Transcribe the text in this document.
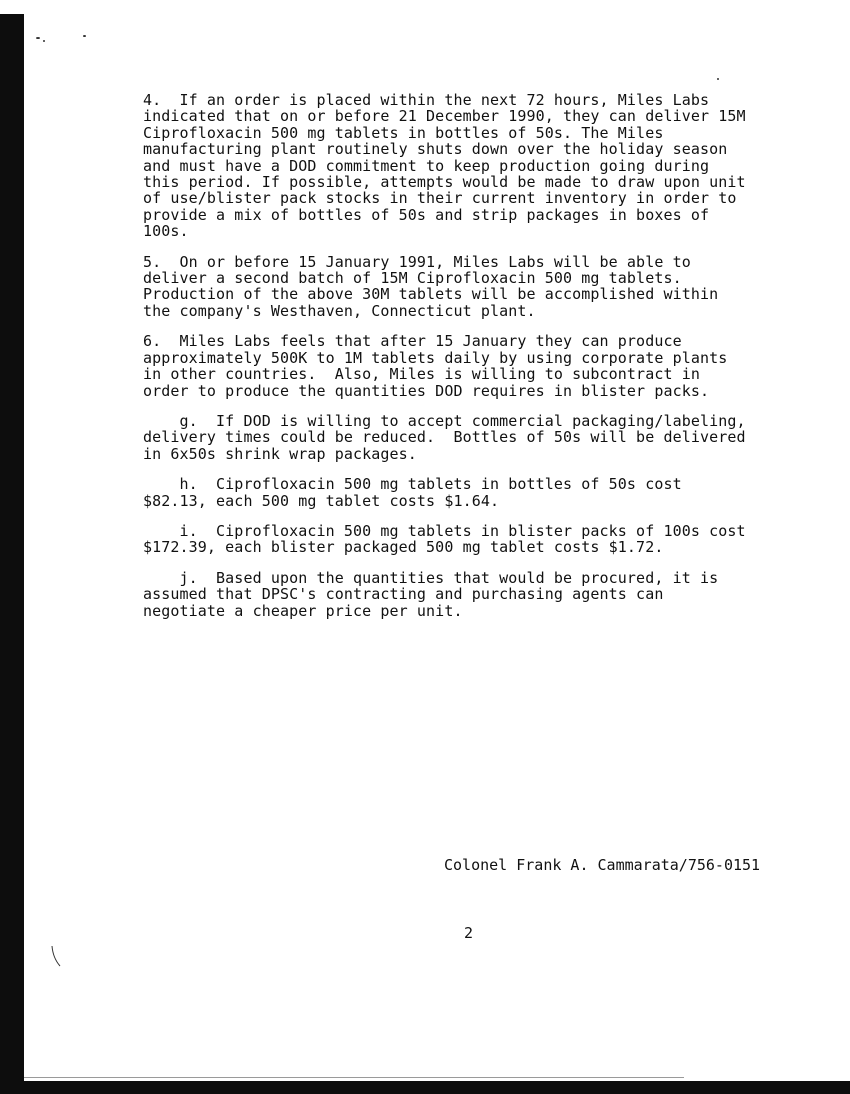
4.  If an order is placed within the next 72 hours, Miles Labs
indicated that on or before 21 December 1990, they can deliver 15M
Ciprofloxacin 500 mg tablets in bottles of 50s. The Miles
manufacturing plant routinely shuts down over the holiday season
and must have a DOD commitment to keep production going during
this period. If possible, attempts would be made to draw upon unit
of use/blister pack stocks in their current inventory in order to
provide a mix of bottles of 50s and strip packages in boxes of
100s.

5.  On or before 15 January 1991, Miles Labs will be able to
deliver a second batch of 15M Ciprofloxacin 500 mg tablets.
Production of the above 30M tablets will be accomplished within
the company's Westhaven, Connecticut plant.

6.  Miles Labs feels that after 15 January they can produce
approximately 500K to 1M tablets daily by using corporate plants
in other countries.  Also, Miles is willing to subcontract in
order to produce the quantities DOD requires in blister packs.

g.  If DOD is willing to accept commercial packaging/labeling,
delivery times could be reduced.  Bottles of 50s will be delivered
in 6x50s shrink wrap packages.

h.  Ciprofloxacin 500 mg tablets in bottles of 50s cost
$82.13, each 500 mg tablet costs $1.64.

i.  Ciprofloxacin 500 mg tablets in blister packs of 100s cost
$172.39, each blister packaged 500 mg tablet costs $1.72.

j.  Based upon the quantities that would be procured, it is
assumed that DPSC's contracting and purchasing agents can
negotiate a cheaper price per unit.

Colonel Frank A. Cammarata/756-0151
2
